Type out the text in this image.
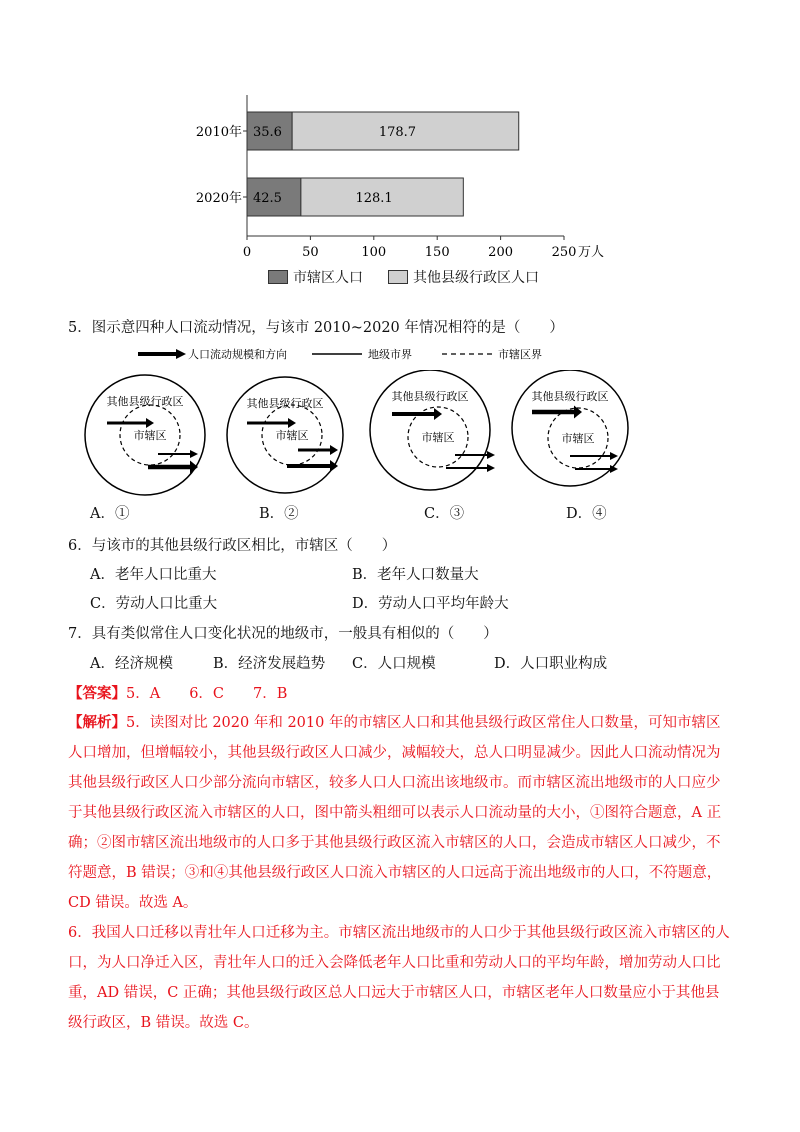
0	50	100	150	200	250 万人
2010年 35.6	178.7
2020年 42.5	128.1
市辖区人口	其他县级行政区人口
5．图示意四种人口流动情况，与该市 2010~2020 年情况相符的是（　　）
人口流动规模和方向	地级市界	市辖区界
其他县级行政区
市辖区
其他县级行政区
市辖区
其他县级行政区
市辖区
其他县级行政区
市辖区
A．①	B．②	C．③	D．④
6．与该市的其他县级行政区相比，市辖区（　　）
A．老年人口比重大	B．老年人口数量大
C．劳动人口比重大	D．劳动人口平均年龄大
7．具有类似常住人口变化状况的地级市，一般具有相似的（　　）
A．经济规模	B．经济发展趋势 C．人口规模	D．人口职业构成
【答案】5．A　　6．C　　7．B
【解析】5．读图对比 2020 年和 2010 年的市辖区人口和其他县级行政区常住人口数量，可知市辖区人口增加，但增幅较小，其他县级行政区人口减少，减幅较大，总人口明显减少。因此人口流动情况为其他县级行政区人口少部分流向市辖区，较多人口人口流出该地级市。而市辖区流出地级市的人口应少于其他县级行政区流入市辖区的人口，图中箭头粗细可以表示人口流动量的大小，①图符合题意，A 正确；②图市辖区流出地级市的人口多于其他县级行政区流入市辖区的人口，会造成市辖区人口减少，不符题意，B 错误；③和④其他县级行政区人口流入市辖区的人口远高于流出地级市的人口，不符题意，CD 错误。故选 A。
6．我国人口迁移以青壮年人口迁移为主。市辖区流出地级市的人口少于其他县级行政区流入市辖区的人口，为人口净迁入区，青壮年人口的迁入会降低老年人口比重和劳动人口的平均年龄，增加劳动人口比重，AD 错误，C 正确；其他县级行政区总人口远大于市辖区人口，市辖区老年人口数量应小于其他县级行政区，B 错误。故选 C。
